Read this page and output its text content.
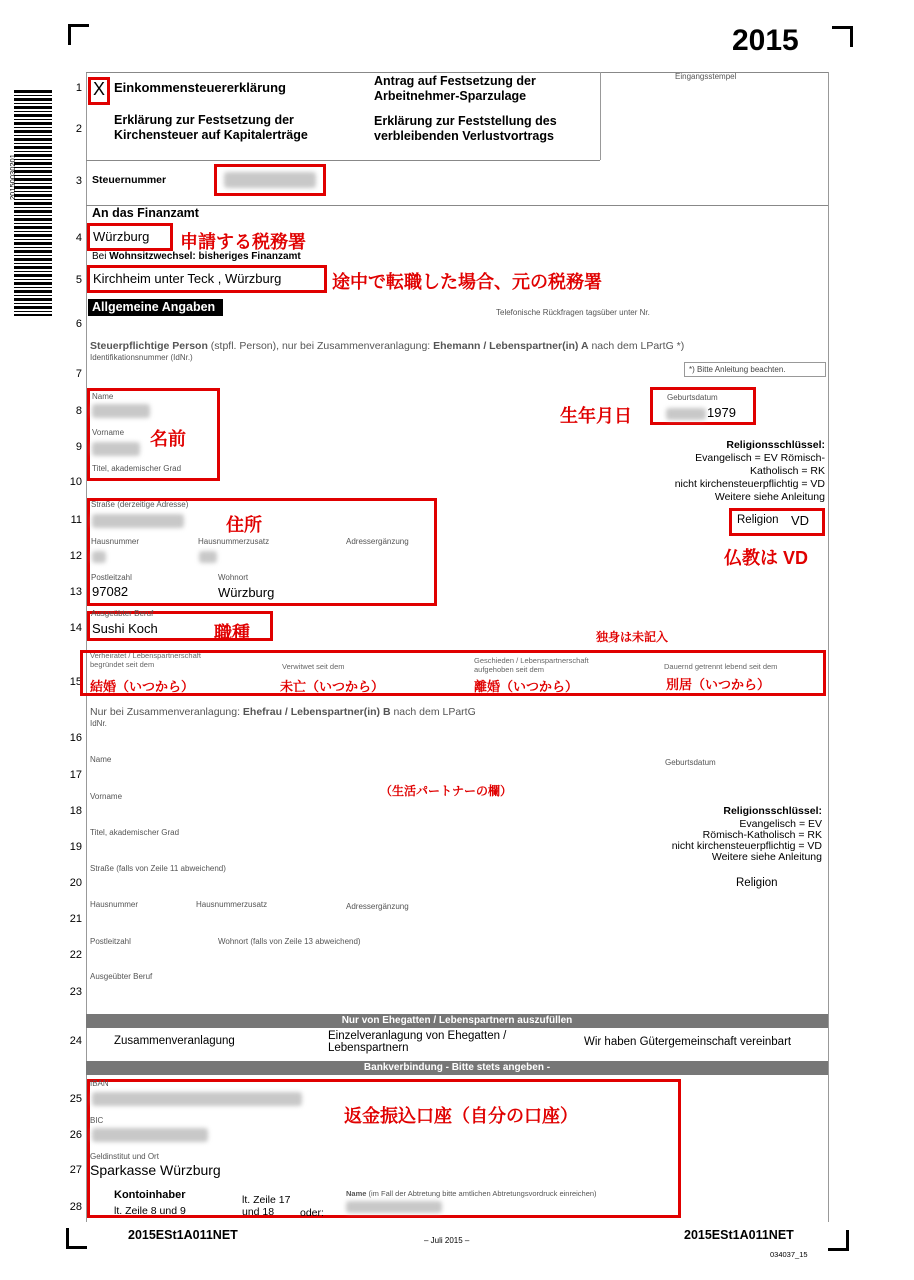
2015
20150030201
1
2
3
4
5
6
7
8
9
10
11
12
13
14
15
16
17
18
19
20
21
22
23
24
25
26
27
28
X Einkommensteuererklärung
Erklärung zur Festsetzung der
Kirchensteuer auf Kapitalerträge
Antrag auf Festsetzung der
Arbeitnehmer-Sparzulage
Erklärung zur Feststellung des
verbleibenden Verlustvortrags
Eingangsstempel
Steuernummer
An das Finanzamt
Würzburg 申請する税務署
Bei Wohnsitzwechsel: bisheriges Finanzamt
Kirchheim unter Teck , Würzburg	途中で転職した場合、元の税務署
Allgemeine Angaben	Telefonische Rückfragen tagsüber unter Nr.
Steuerpflichtige Person (stpfl. Person), nur bei Zusammenveranlagung: Ehemann / Lebenspartner(in) A nach dem LPartG *)
Identifikationsnummer (IdNr.)
*) Bitte Anleitung beachten.
Name
Vorname
Titel, akademischer Grad
名前
生年月日
Geburtsdatum
1979
Religionsschlüssel:
Evangelisch = EV Römisch-
Katholisch = RK
nicht kirchensteuerpflichtig = VD
Weitere siehe Anleitung
Straße (derzeitige Adresse)
住所
Hausnummer	Hausnummerzusatz	Adressergänzung
Postleitzahl
97082
Wohnort
Würzburg
Religion VD
仏教は VD
Ausgeübter Beruf
Sushi Koch	職種	独身は未記入
Verheiratet / Lebenspartnerschaft
begründet seit dem	Verwitwet seit dem
Geschieden / Lebenspartnerschaft
aufgehoben seit dem	Dauernd getrennt lebend seit dem
結婚（いつから）	未亡（いつから）	離婚（いつから）	別居（いつから）
Nur bei Zusammenveranlagung: Ehefrau / Lebenspartner(in) B nach dem LPartG
IdNr.
Name	Geburtsdatum
（生活パートナーの欄）
Vorname
Titel, akademischer Grad
Religionsschlüssel:
Evangelisch = EV
Römisch-Katholisch = RK
nicht kirchensteuerpflichtig = VD
Weitere siehe Anleitung
Straße (falls von Zeile 11 abweichend)
Religion
Hausnummer	Hausnummerzusatz	Adressergänzung
Postleitzahl	Wohnort (falls von Zeile 13 abweichend)
Ausgeübter Beruf
Nur von Ehegatten / Lebenspartnern auszufüllen
Zusammenveranlagung	Einzelveranlagung von Ehegatten /
Lebenspartnern	Wir haben Gütergemeinschaft vereinbart
Bankverbindung - Bitte stets angeben -
IBAN
返金振込口座（自分の口座）
BIC
Geldinstitut und Ort
Sparkasse Würzburg
Kontoinhaber
lt. Zeile 8 und 9
lt. Zeile 17
und 18 oder:
Name (im Fall der Abtretung bitte amtlichen Abtretungsvordruck einreichen)
2015ESt1A011NET	– Juli 2015 –	2015ESt1A011NET
034037_15
